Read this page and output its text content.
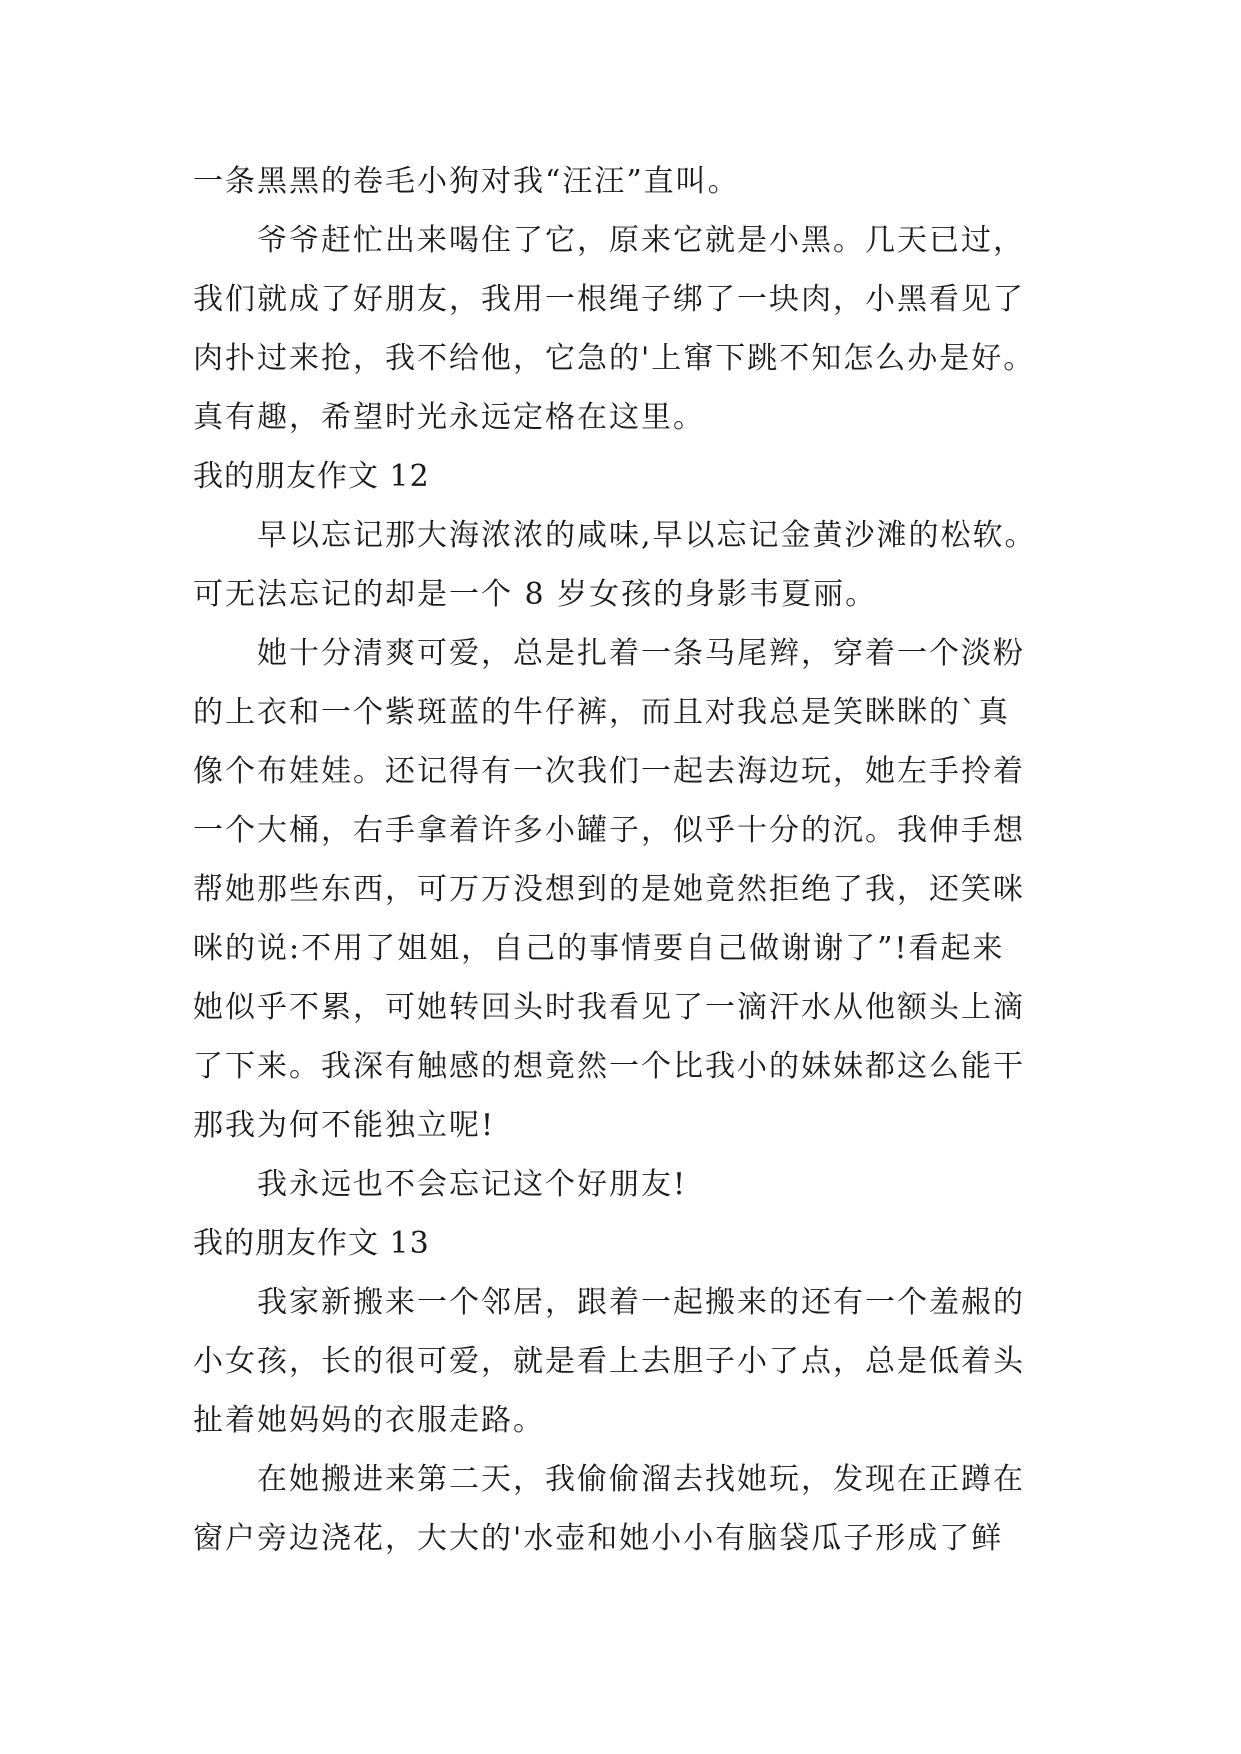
一条黑黑的卷毛小狗对我“汪汪”直叫。
爷爷赶忙出来喝住了它，原来它就是小黑。几天已过，
我们就成了好朋友，我用一根绳子绑了一块肉，小黑看见了
肉扑过来抢，我不给他，它急的'上窜下跳不知怎么办是好。
真有趣，希望时光永远定格在这里。
我的朋友作文 12
早以忘记那大海浓浓的咸味,早以忘记金黄沙滩的松软。
可无法忘记的却是一个 8 岁女孩的身影韦夏丽。
她十分清爽可爱，总是扎着一条马尾辫，穿着一个淡粉
的上衣和一个紫斑蓝的牛仔裤，而且对我总是笑眯眯的`真
像个布娃娃。还记得有一次我们一起去海边玩，她左手拎着
一个大桶，右手拿着许多小罐子，似乎十分的沉。我伸手想
帮她那些东西，可万万没想到的是她竟然拒绝了我，还笑咪
咪的说:不用了姐姐，自己的事情要自己做谢谢了”!看起来
她似乎不累，可她转回头时我看见了一滴汗水从他额头上滴
了下来。我深有触感的想竟然一个比我小的妹妹都这么能干
那我为何不能独立呢!
我永远也不会忘记这个好朋友!
我的朋友作文 13
我家新搬来一个邻居，跟着一起搬来的还有一个羞赧的
小女孩，长的很可爱，就是看上去胆子小了点，总是低着头
扯着她妈妈的衣服走路。
在她搬进来第二天，我偷偷溜去找她玩，发现在正蹲在
窗户旁边浇花，大大的'水壶和她小小有脑袋瓜子形成了鲜
